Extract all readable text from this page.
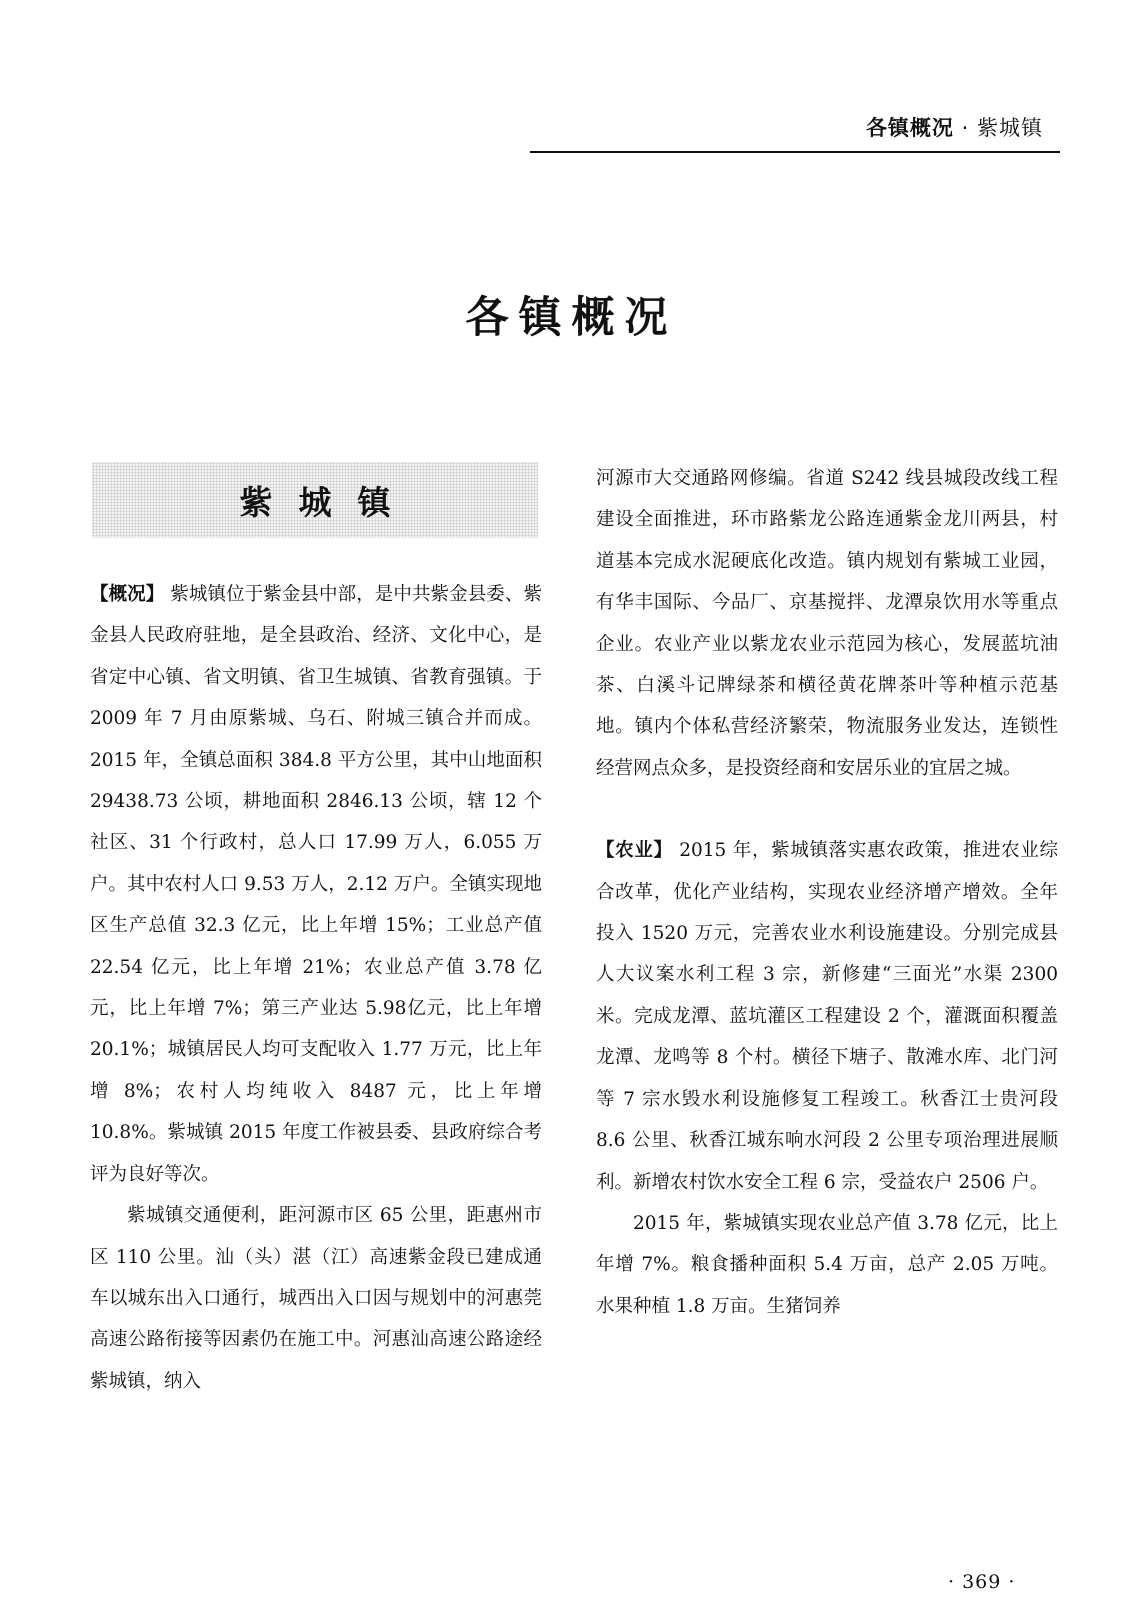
各镇概况 · 紫城镇
各镇概况
紫城镇

【概况】 紫城镇位于紫金县中部，是中共紫金县委、紫金县人民政府驻地，是全县政治、经济、文化中心，是省定中心镇、省文明镇、省卫生城镇、省教育强镇。于 2009 年 7 月由原紫城、乌石、附城三镇合并而成。2015 年，全镇总面积 384.8 平方公里，其中山地面积 29438.73 公顷，耕地面积 2846.13 公顷，辖 12 个社区、31 个行政村，总人口 17.99 万人，6.055 万户。其中农村人口 9.53 万人，2.12 万户。全镇实现地区生产总值 32.3 亿元，比上年增 15%；工业总产值 22.54 亿元，比上年增 21%；农业总产值 3.78 亿元，比上年增 7%；第三产业达 5.98亿元，比上年增 20.1%；城镇居民人均可支配收入 1.77 万元，比上年增 8%；农村人均纯收入 8487 元，比上年增 10.8%。紫城镇 2015 年度工作被县委、县政府综合考评为良好等次。

紫城镇交通便利，距河源市区 65 公里，距惠州市区 110 公里。汕（头）湛（江）高速紫金段已建成通车以城东出入口通行，城西出入口因与规划中的河惠莞高速公路衔接等因素仍在施工中。河惠汕高速公路途经紫城镇，纳入

河源市大交通路网修编。省道 S242 线县城段改线工程建设全面推进，环市路紫龙公路连通紫金龙川两县，村道基本完成水泥硬底化改造。镇内规划有紫城工业园，有华丰国际、今品厂、京基搅拌、龙潭泉饮用水等重点企业。农业产业以紫龙农业示范园为核心，发展蓝坑油茶、白溪斗记牌绿茶和横径黄花牌茶叶等种植示范基地。镇内个体私营经济繁荣，物流服务业发达，连锁性经营网点众多，是投资经商和安居乐业的宜居之城。

【农业】 2015 年，紫城镇落实惠农政策，推进农业综合改革，优化产业结构，实现农业经济增产增效。全年投入 1520 万元，完善农业水利设施建设。分别完成县人大议案水利工程 3 宗，新修建“三面光”水渠 2300 米。完成龙潭、蓝坑灌区工程建设 2 个，灌溉面积覆盖龙潭、龙鸣等 8 个村。横径下塘子、散滩水库、北门河等 7 宗水毁水利设施修复工程竣工。秋香江士贵河段 8.6 公里、秋香江城东响水河段 2 公里专项治理进展顺利。新增农村饮水安全工程 6 宗，受益农户 2506 户。

2015 年，紫城镇实现农业总产值 3.78 亿元，比上年增 7%。粮食播种面积 5.4 万亩，总产 2.05 万吨。水果种植 1.8 万亩。生猪饲养

· 369 ·
